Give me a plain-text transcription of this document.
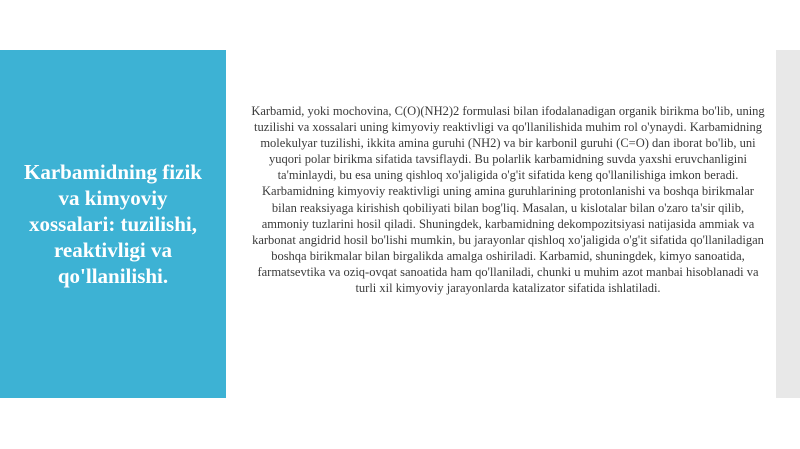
Karbamidning fizik va kimyoviy xossalari: tuzilishi, reaktivligi va qo'llanilishi.

Karbamid, yoki mochovina, C(O)(NH2)2 formulasi bilan ifodalanadigan organik birikma bo'lib, uning tuzilishi va xossalari uning kimyoviy reaktivligi va qo'llanilishida muhim rol o'ynaydi. Karbamidning molekulyar tuzilishi, ikkita amina guruhi (NH2) va bir karbonil guruhi (C=O) dan iborat bo'lib, uni yuqori polar birikma sifatida tavsiflaydi. Bu polarlik karbamidning suvda yaxshi eruvchanligini ta'minlaydi, bu esa uning qishloq xo'jaligida o'g'it sifatida keng qo'llanilishiga imkon beradi. Karbamidning kimyoviy reaktivligi uning amina guruhlarining protonlanishi va boshqa birikmalar bilan reaksiyaga kirishish qobiliyati bilan bog'liq. Masalan, u kislotalar bilan o'zaro ta'sir qilib, ammoniy tuzlarini hosil qiladi. Shuningdek, karbamidning dekompozitsiyasi natijasida ammiak va karbonat angidrid hosil bo'lishi mumkin, bu jarayonlar qishloq xo'jaligida o'g'it sifatida qo'llaniladigan boshqa birikmalar bilan birgalikda amalga oshiriladi. Karbamid, shuningdek, kimyo sanoatida, farmatsevtika va oziq-ovqat sanoatida ham qo'llaniladi, chunki u muhim azot manbai hisoblanadi va turli xil kimyoviy jarayonlarda katalizator sifatida ishlatiladi.
